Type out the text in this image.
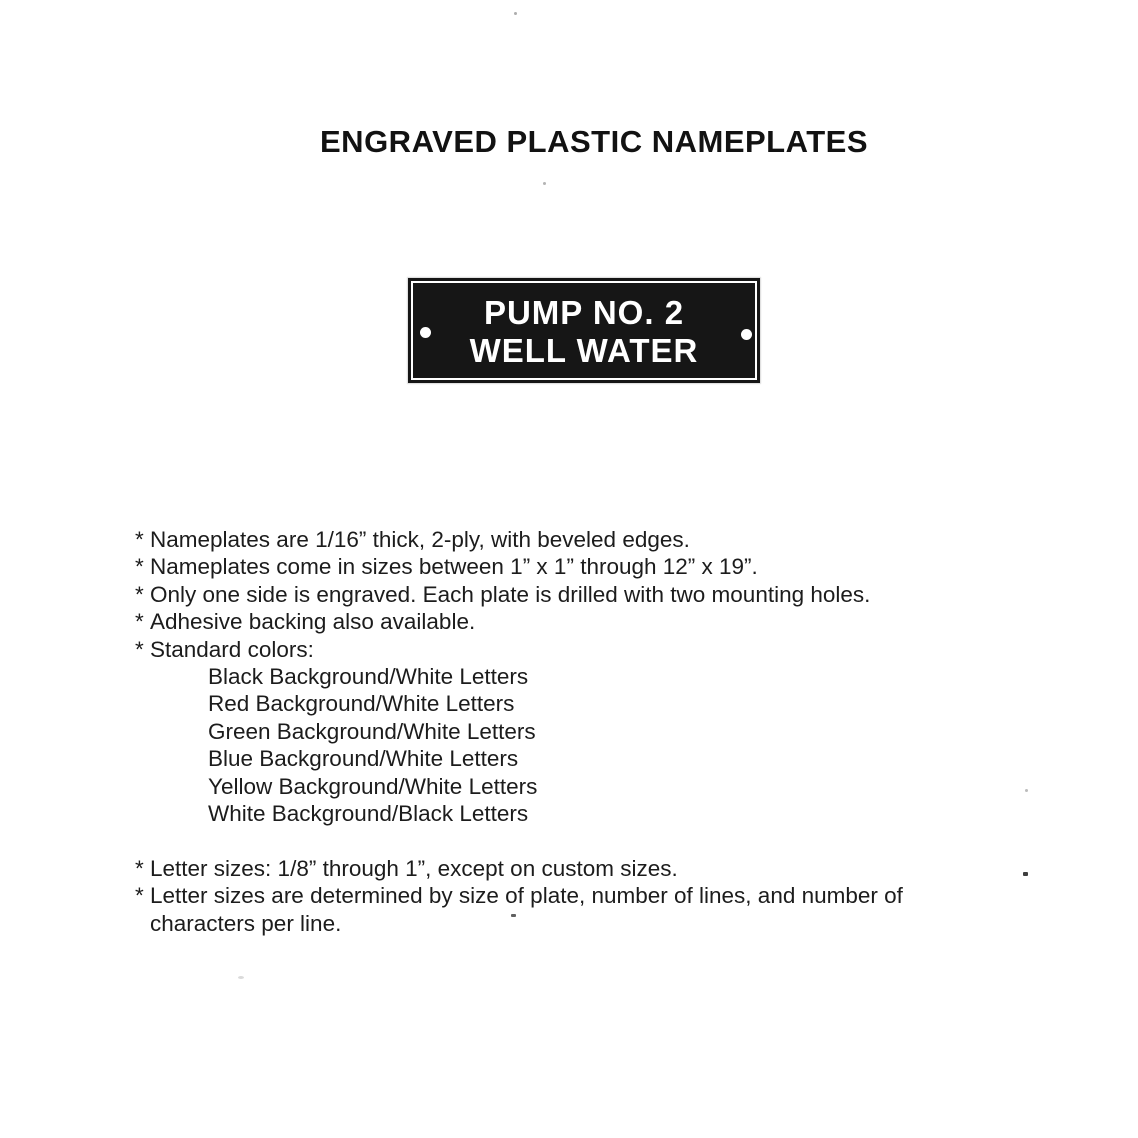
ENGRAVED PLASTIC NAMEPLATES
PUMP NO. 2
WELL WATER
* Nameplates are 1/16” thick, 2-ply, with beveled edges.
* Nameplates come in sizes between 1” x 1” through 12” x 19”.
* Only one side is engraved. Each plate is drilled with two mounting holes.
* Adhesive backing also available.
* Standard colors:
Black Background/White Letters
Red Background/White Letters
Green Background/White Letters
Blue Background/White Letters
Yellow Background/White Letters
White Background/Black Letters
* Letter sizes: 1/8” through 1”, except on custom sizes.
* Letter sizes are determined by size of plate, number of lines, and number of characters per line.
